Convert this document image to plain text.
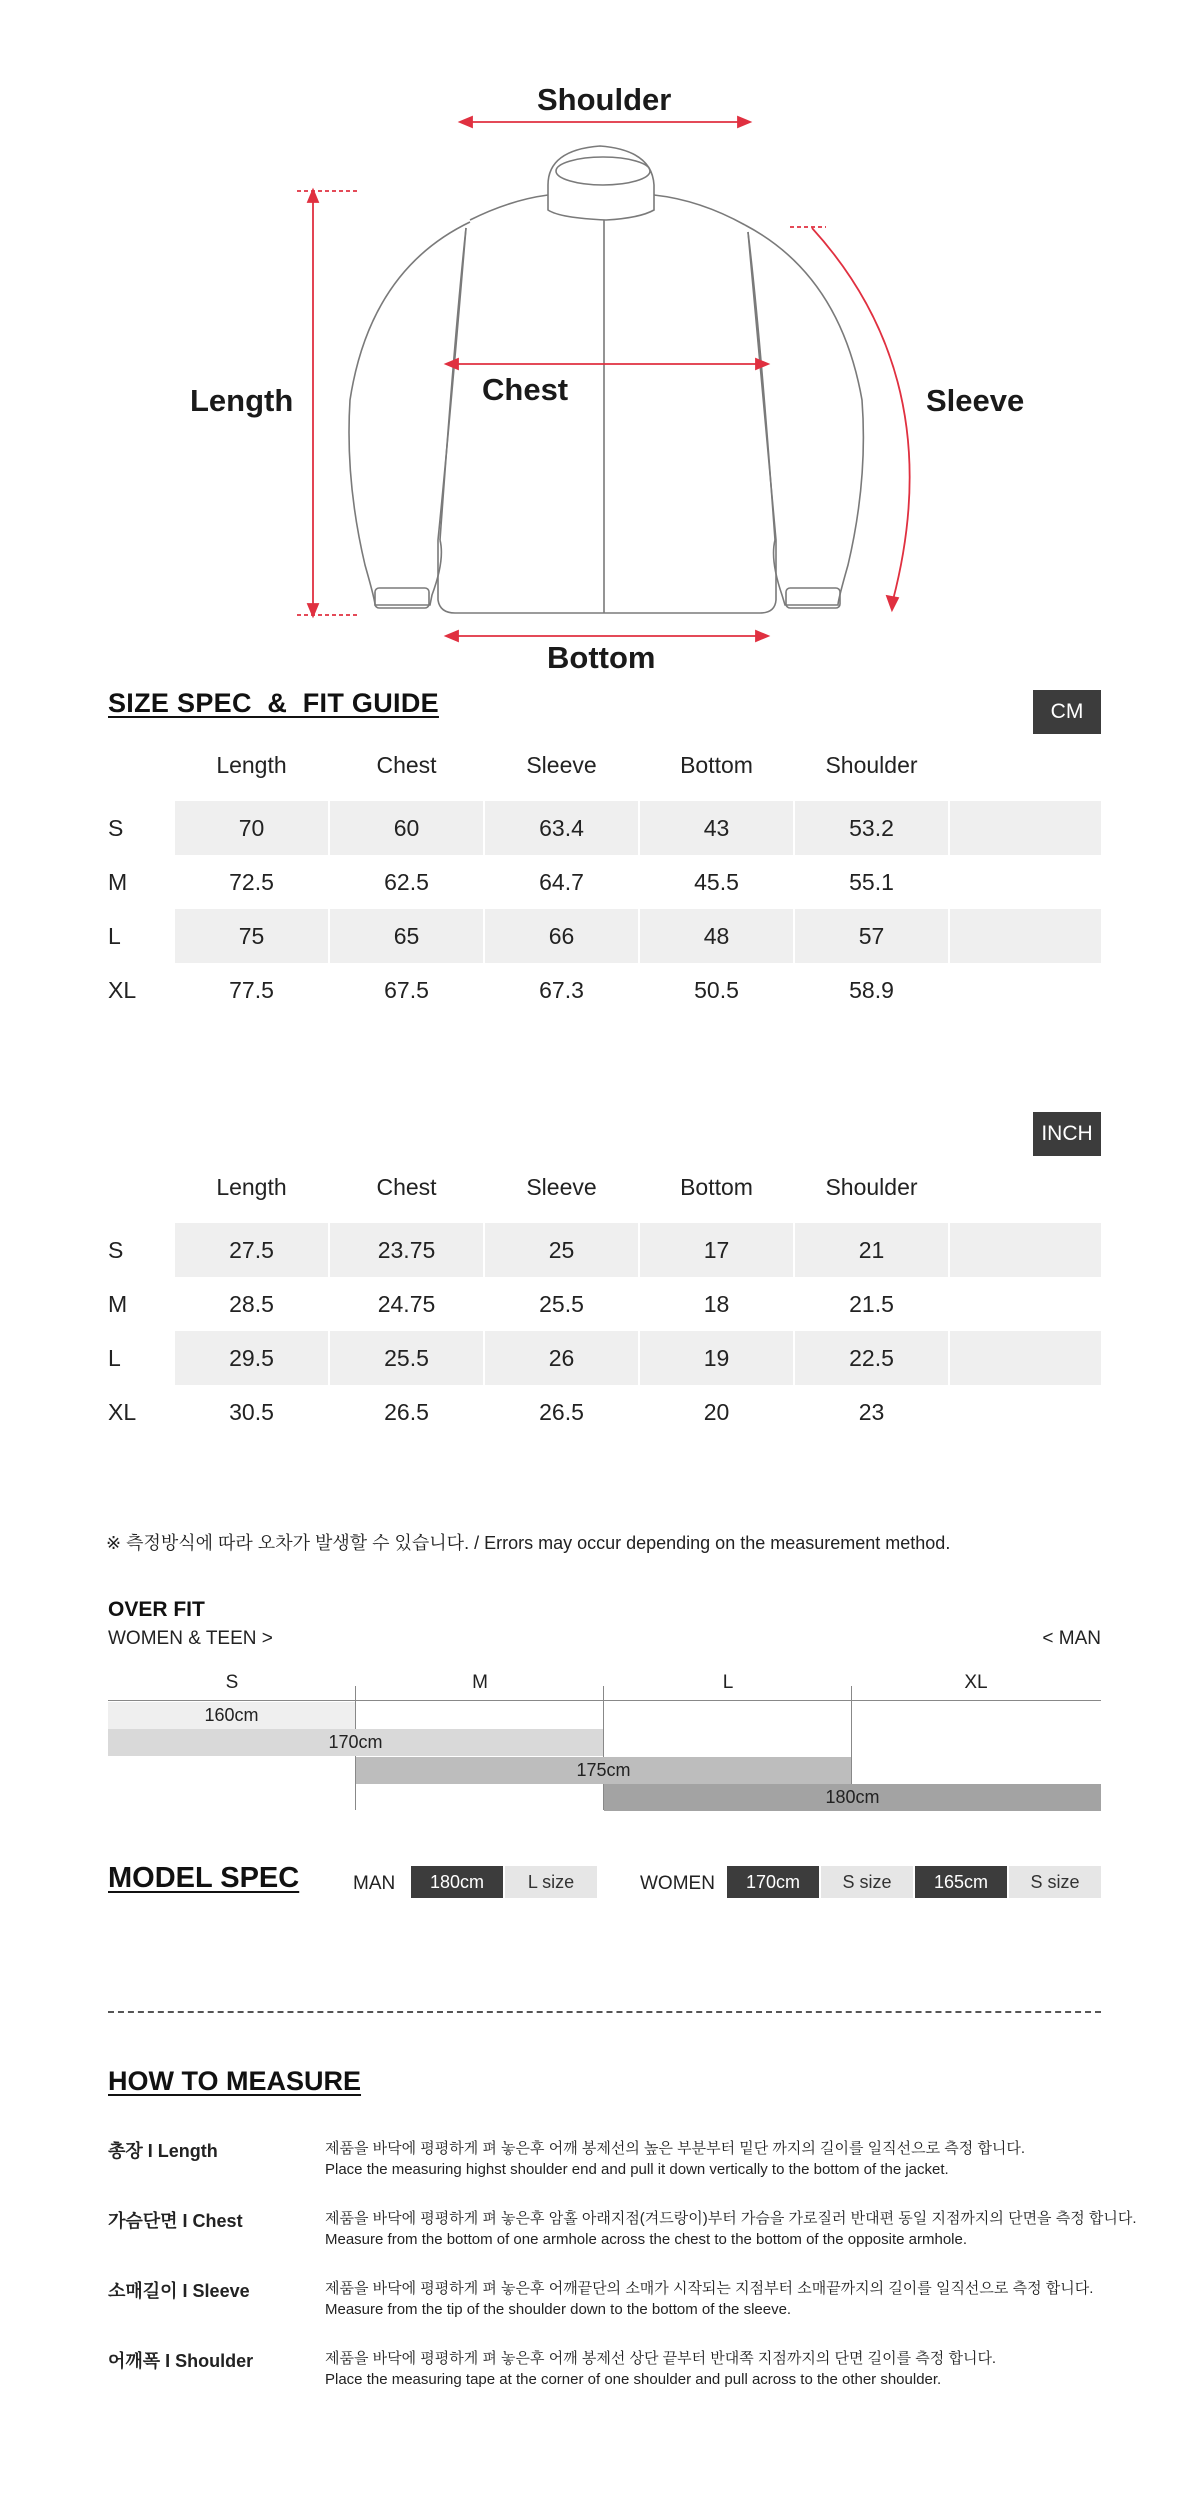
Shoulder
Length	Chest	Sleeve
Bottom
SIZE SPEC  &  FIT GUIDE	CM
Length	Chest	Sleeve	Bottom	Shoulder
S	70	60	63.4	43	53.2
M	72.5	62.5	64.7	45.5	55.1
L	75	65	66	48	57
XL	77.5	67.5	67.3	50.5	58.9
INCH
Length	Chest	Sleeve	Bottom	Shoulder
S	27.5	23.75	25	17	21
M	28.5	24.75	25.5	18	21.5
L	29.5	25.5	26	19	22.5
XL	30.5	26.5	26.5	20	23
※ 측정방식에 따라 오차가 발생할 수 있습니다. / Errors may occur depending on the measurement method.
OVER FIT
WOMEN & TEEN >	< MAN
S	M	L	XL
160cm
170cm
175cm
180cm
MODEL SPEC	MAN	180cm	L size	WOMEN	170cm	S size	165cm	S size
HOW TO MEASURE
총장 I Length	제품을 바닥에 평평하게 펴 놓은후 어깨 봉제선의 높은 부분부터 밑단 까지의 길이를 일직선으로 측정 합니다.
Place the measuring highst shoulder end and pull it down vertically to the bottom of the jacket.
가슴단면 I Chest	제품을 바닥에 평평하게 펴 놓은후 암홀 아래지점(겨드랑이)부터 가슴을 가로질러 반대편 동일 지점까지의 단면을 측정 합니다.
Measure from the bottom of one armhole across the chest to the bottom of the opposite armhole.
소매길이 I Sleeve	제품을 바닥에 평평하게 펴 놓은후 어깨끝단의 소매가 시작되는 지점부터 소매끝까지의 길이를 일직선으로 측정 합니다.
Measure from the tip of the shoulder down to the bottom of the sleeve.
어깨폭 I Shoulder	제품을 바닥에 평평하게 펴 놓은후 어깨 봉제선 상단 끝부터 반대쪽 지점까지의 단면 길이를 측정 합니다.
Place the measuring tape at the corner of one shoulder and pull across to the other shoulder.
